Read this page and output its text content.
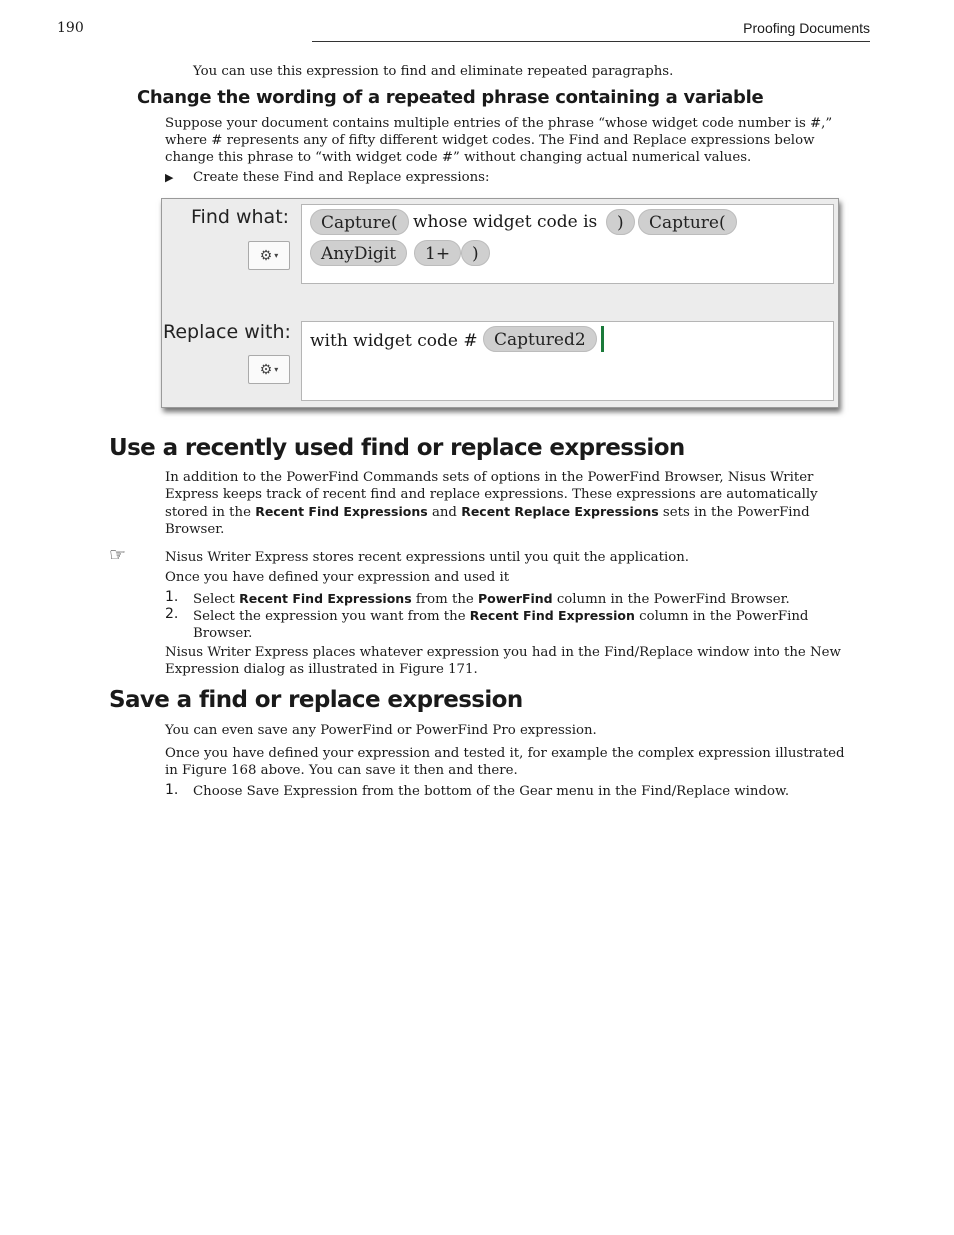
190	Proofing Documents
You can use this expression to find and eliminate repeated paragraphs.
Change the wording of a repeated phrase containing a variable
Suppose your document contains multiple entries of the phrase “whose widget code number is #,”
where # represents any of fifty different widget codes. The Find and Replace expressions below
change this phrase to “with widget code #” without changing actual numerical values.
▶ Create these Find and Replace expressions:
Find what:
⚙ ▾
Capture( whose widget code is	)	Capture(
AnyDigit	1+	)
Replace with:
⚙ ▾
with widget code # Captured2
Use a recently used find or replace expression
In addition to the PowerFind Commands sets of options in the PowerFind Browser, Nisus Writer
Express keeps track of recent find and replace expressions. These expressions are automatically
stored in the Recent Find Expressions and Recent Replace Expressions sets in the PowerFind
Browser.
☞	Nisus Writer Express stores recent expressions until you quit the application.
Once you have defined your expression and used it
1. Select Recent Find Expressions from the PowerFind column in the PowerFind Browser.
2. Select the expression you want from the Recent Find Expression column in the PowerFind
Browser.
Nisus Writer Express places whatever expression you had in the Find/Replace window into the New
Expression dialog as illustrated in Figure 171.
Save a find or replace expression
You can even save any PowerFind or PowerFind Pro expression.
Once you have defined your expression and tested it, for example the complex expression illustrated
in Figure 168 above. You can save it then and there.
1. Choose Save Expression from the bottom of the Gear menu in the Find/Replace window.
